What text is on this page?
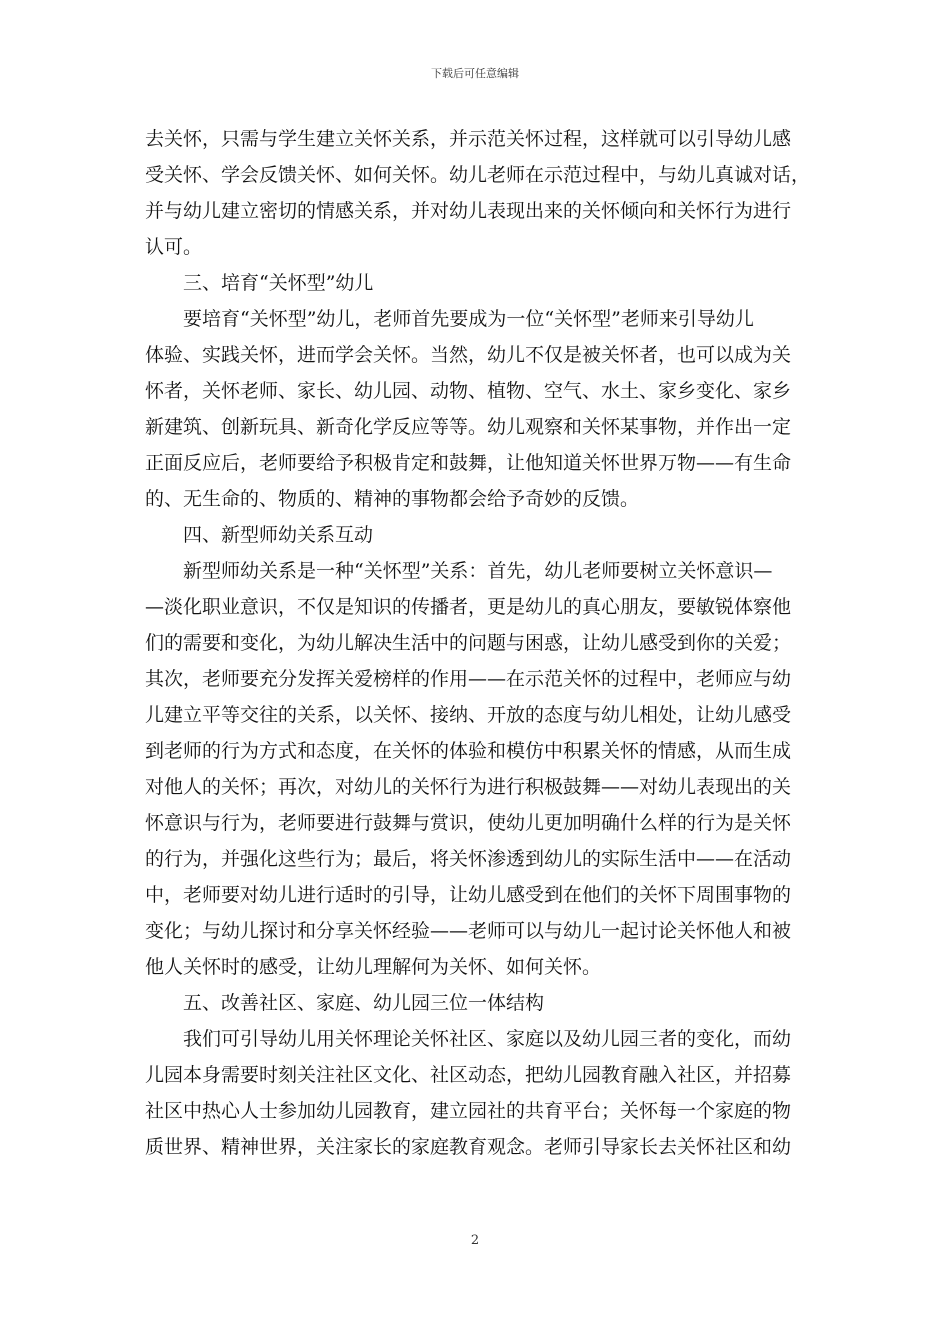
下载后可任意编辑
去关怀，只需与学生建立关怀关系，并示范关怀过程，这样就可以引导幼儿感
受关怀、学会反馈关怀、如何关怀。幼儿老师在示范过程中，与幼儿真诚对话，
并与幼儿建立密切的情感关系，并对幼儿表现出来的关怀倾向和关怀行为进行
认可。
三、培育“关怀型”幼儿
要培育“关怀型”幼儿，老师首先要成为一位“关怀型”老师来引导幼儿
体验、实践关怀，进而学会关怀。当然，幼儿不仅是被关怀者，也可以成为关
怀者，关怀老师、家长、幼儿园、动物、植物、空气、水土、家乡变化、家乡
新建筑、创新玩具、新奇化学反应等等。幼儿观察和关怀某事物，并作出一定
正面反应后，老师要给予积极肯定和鼓舞，让他知道关怀世界万物——有生命
的、无生命的、物质的、精神的事物都会给予奇妙的反馈。
四、新型师幼关系互动
新型师幼关系是一种“关怀型”关系：首先，幼儿老师要树立关怀意识—
—淡化职业意识，不仅是知识的传播者，更是幼儿的真心朋友，要敏锐体察他
们的需要和变化，为幼儿解决生活中的问题与困惑，让幼儿感受到你的关爱；
其次，老师要充分发挥关爱榜样的作用——在示范关怀的过程中，老师应与幼
儿建立平等交往的关系，以关怀、接纳、开放的态度与幼儿相处，让幼儿感受
到老师的行为方式和态度，在关怀的体验和模仿中积累关怀的情感，从而生成
对他人的关怀；再次，对幼儿的关怀行为进行积极鼓舞——对幼儿表现出的关
怀意识与行为，老师要进行鼓舞与赏识，使幼儿更加明确什么样的行为是关怀
的行为，并强化这些行为；最后，将关怀渗透到幼儿的实际生活中——在活动
中，老师要对幼儿进行适时的引导，让幼儿感受到在他们的关怀下周围事物的
变化；与幼儿探讨和分享关怀经验——老师可以与幼儿一起讨论关怀他人和被
他人关怀时的感受，让幼儿理解何为关怀、如何关怀。
五、改善社区、家庭、幼儿园三位一体结构
我们可引导幼儿用关怀理论关怀社区、家庭以及幼儿园三者的变化，而幼
儿园本身需要时刻关注社区文化、社区动态，把幼儿园教育融入社区，并招募
社区中热心人士参加幼儿园教育，建立园社的共育平台；关怀每一个家庭的物
质世界、精神世界，关注家长的家庭教育观念。老师引导家长去关怀社区和幼
2
